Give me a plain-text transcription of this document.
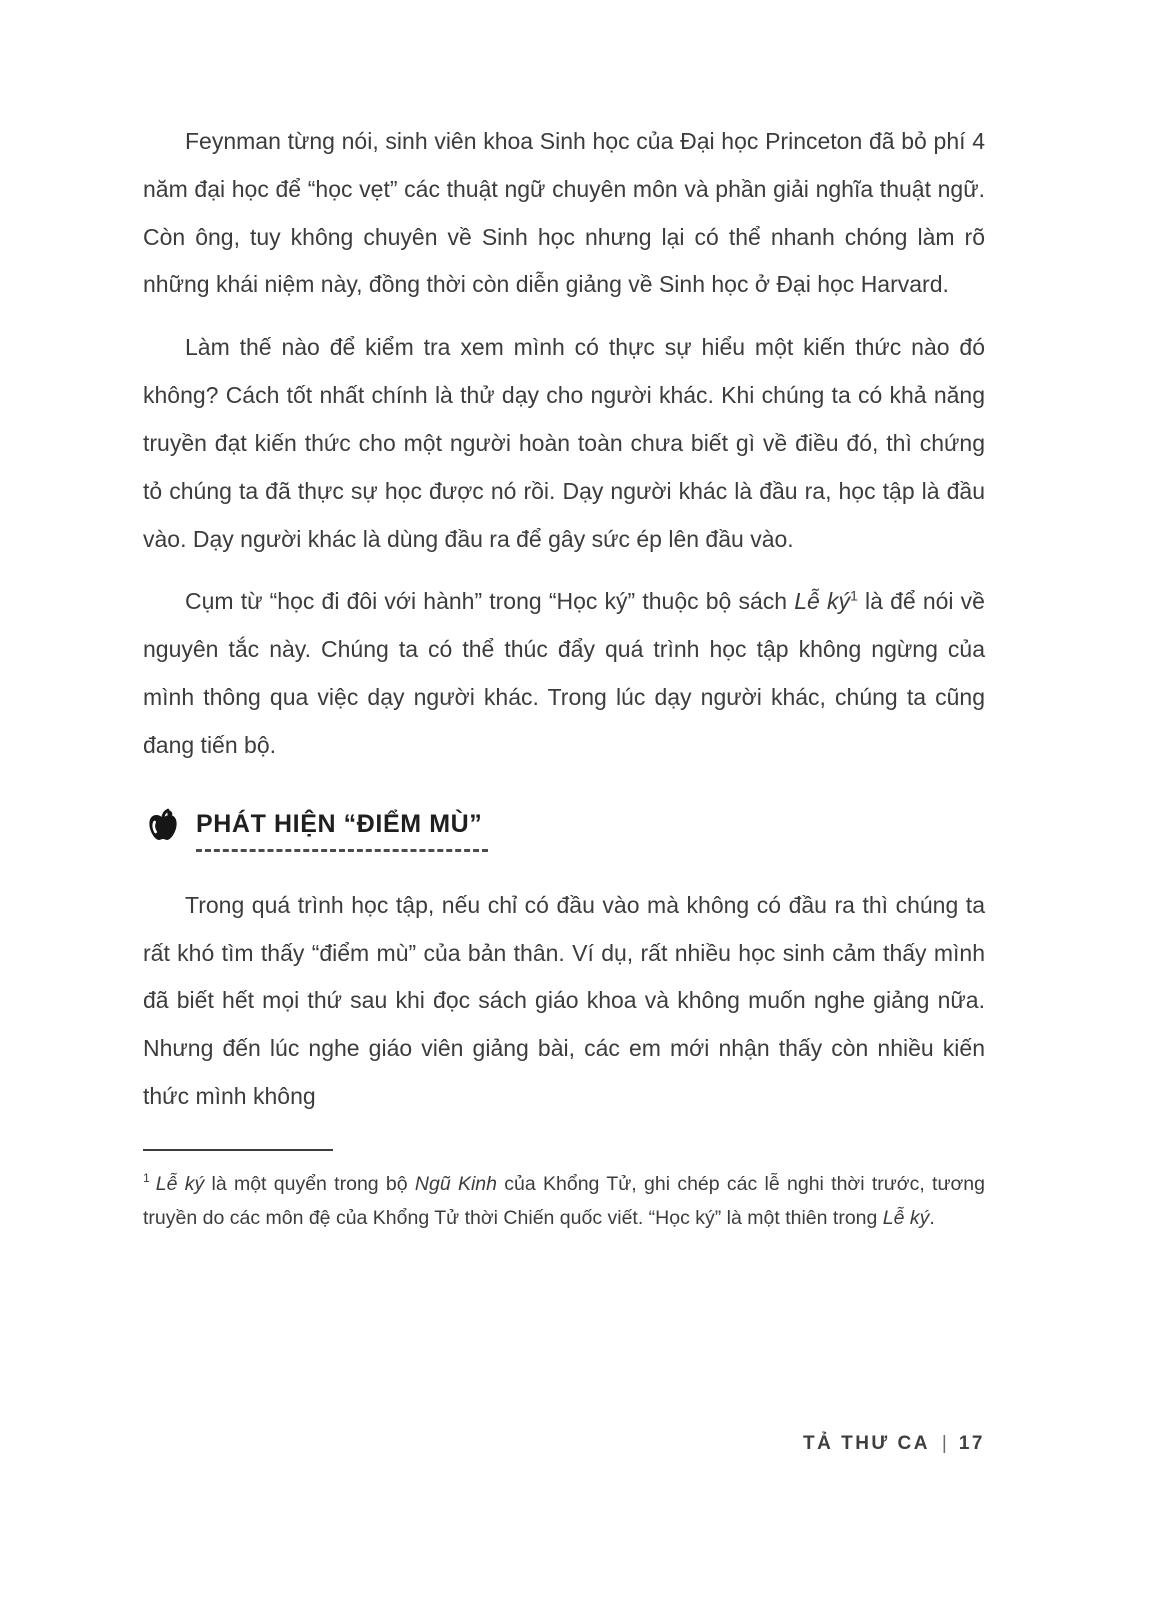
Feynman từng nói, sinh viên khoa Sinh học của Đại học Princeton đã bỏ phí 4 năm đại học để “học vẹt” các thuật ngữ chuyên môn và phần giải nghĩa thuật ngữ. Còn ông, tuy không chuyên về Sinh học nhưng lại có thể nhanh chóng làm rõ những khái niệm này, đồng thời còn diễn giảng về Sinh học ở Đại học Harvard.

Làm thế nào để kiểm tra xem mình có thực sự hiểu một kiến thức nào đó không? Cách tốt nhất chính là thử dạy cho người khác. Khi chúng ta có khả năng truyền đạt kiến thức cho một người hoàn toàn chưa biết gì về điều đó, thì chứng tỏ chúng ta đã thực sự học được nó rồi. Dạy người khác là đầu ra, học tập là đầu vào. Dạy người khác là dùng đầu ra để gây sức ép lên đầu vào.

Cụm từ “học đi đôi với hành” trong “Học ký” thuộc bộ sách Lễ ký$^1$ là để nói về nguyên tắc này. Chúng ta có thể thúc đẩy quá trình học tập không ngừng của mình thông qua việc dạy người khác. Trong lúc dạy người khác, chúng ta cũng đang tiến bộ.

PHÁT HIỆN “ĐIỂM MÙ”

Trong quá trình học tập, nếu chỉ có đầu vào mà không có đầu ra thì chúng ta rất khó tìm thấy “điểm mù” của bản thân. Ví dụ, rất nhiều học sinh cảm thấy mình đã biết hết mọi thứ sau khi đọc sách giáo khoa và không muốn nghe giảng nữa. Nhưng đến lúc nghe giáo viên giảng bài, các em mới nhận thấy còn nhiều kiến thức mình không

$^1$ Lễ ký là một quyển trong bộ Ngũ Kinh của Khổng Tử, ghi chép các lễ nghi thời trước, tương truyền do các môn đệ của Khổng Tử thời Chiến quốc viết. “Học ký” là một thiên trong Lễ ký.

TẢ THƯ CA | 17
